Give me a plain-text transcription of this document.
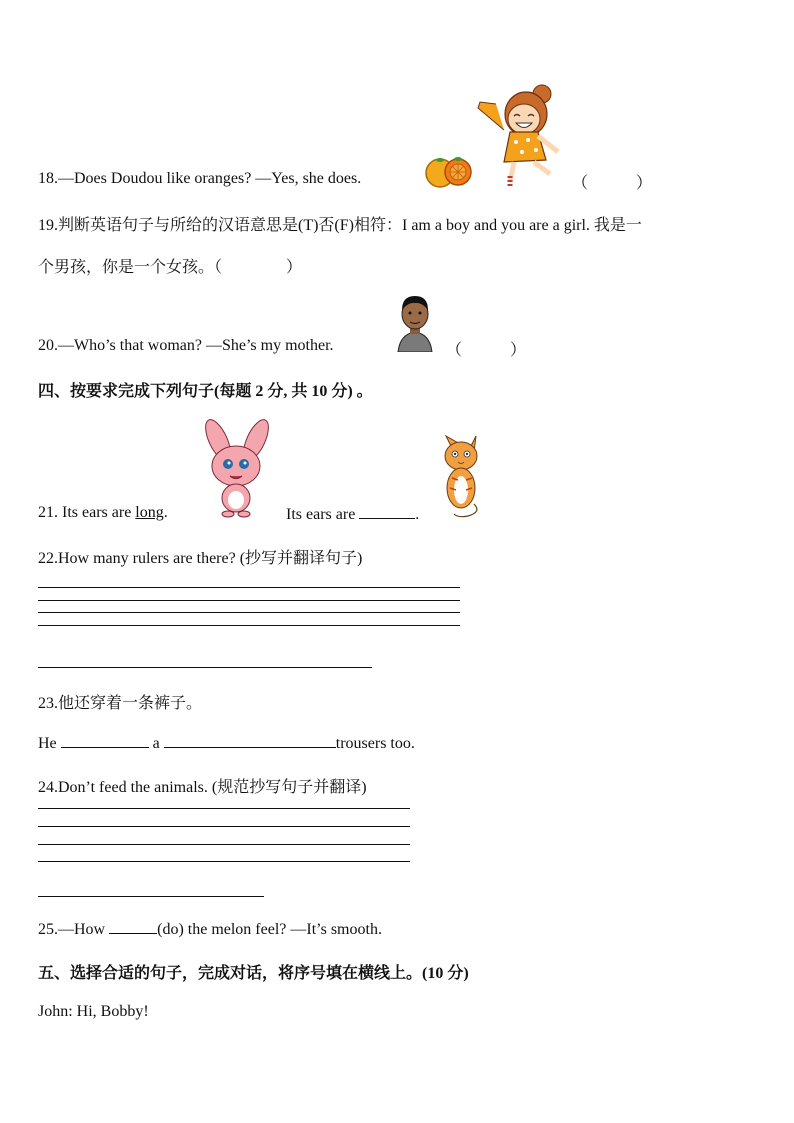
18.—Does Doudou like oranges? —Yes, she does.	（　　　）
19.判断英语句子与所给的汉语意思是(T)否(F)相符：I am a boy and you are a girl. 我是一
个男孩，你是一个女孩。（　　　　）
20.—Who’s that woman? —She’s my mother.	（　　　）
四、按要求完成下列句子(每题 2 分, 共 10 分) 。
21. Its ears are long.	Its ears are	.
22.How many rulers are there? (抄写并翻译句子)
23.他还穿着一条裤子。
He	a	trousers too.
24.Don’t feed the animals. (规范抄写句子并翻译)
25.—How	(do) the melon feel? —It’s smooth.
五、选择合适的句子，完成对话，将序号填在横线上。(10 分)
John: Hi, Bobby!
